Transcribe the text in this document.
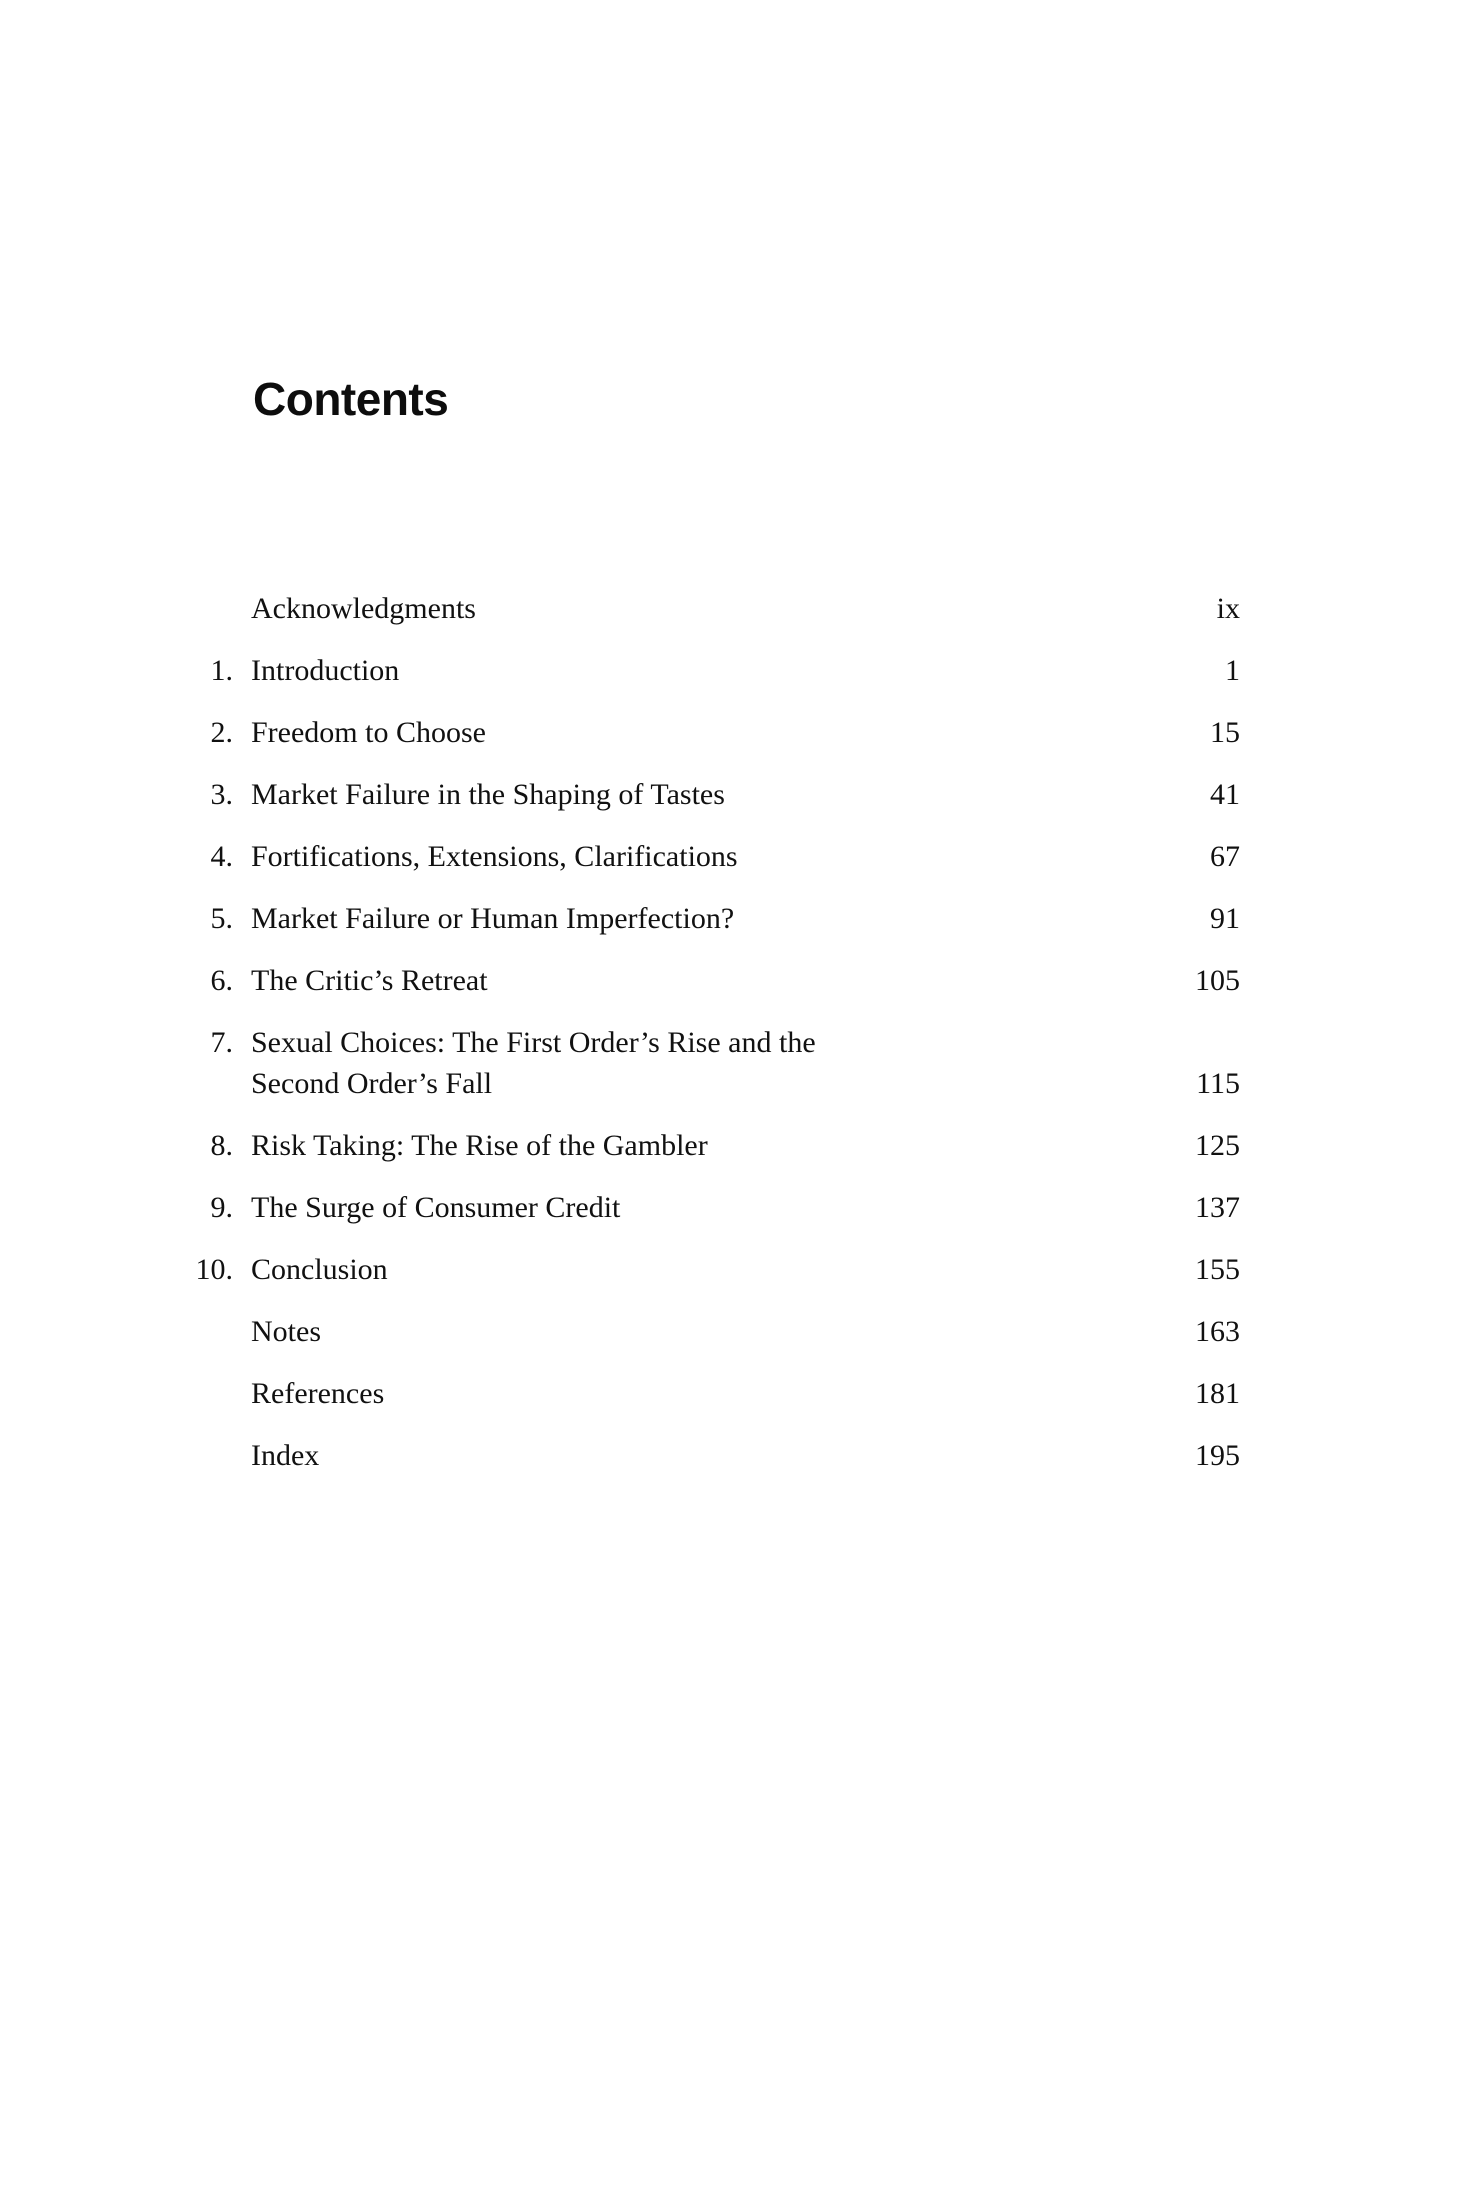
Contents
Acknowledgments	ix
1. Introduction	1
2. Freedom to Choose	15
3. Market Failure in the Shaping of Tastes	41
4. Fortifications, Extensions, Clarifications	67
5. Market Failure or Human Imperfection?	91
6. The Critic’s Retreat	105
7. Sexual Choices: The First Order’s Rise and the
Second Order’s Fall	115
8. Risk Taking: The Rise of the Gambler	125
9. The Surge of Consumer Credit	137
10. Conclusion	155
Notes	163
References	181
Index	195
